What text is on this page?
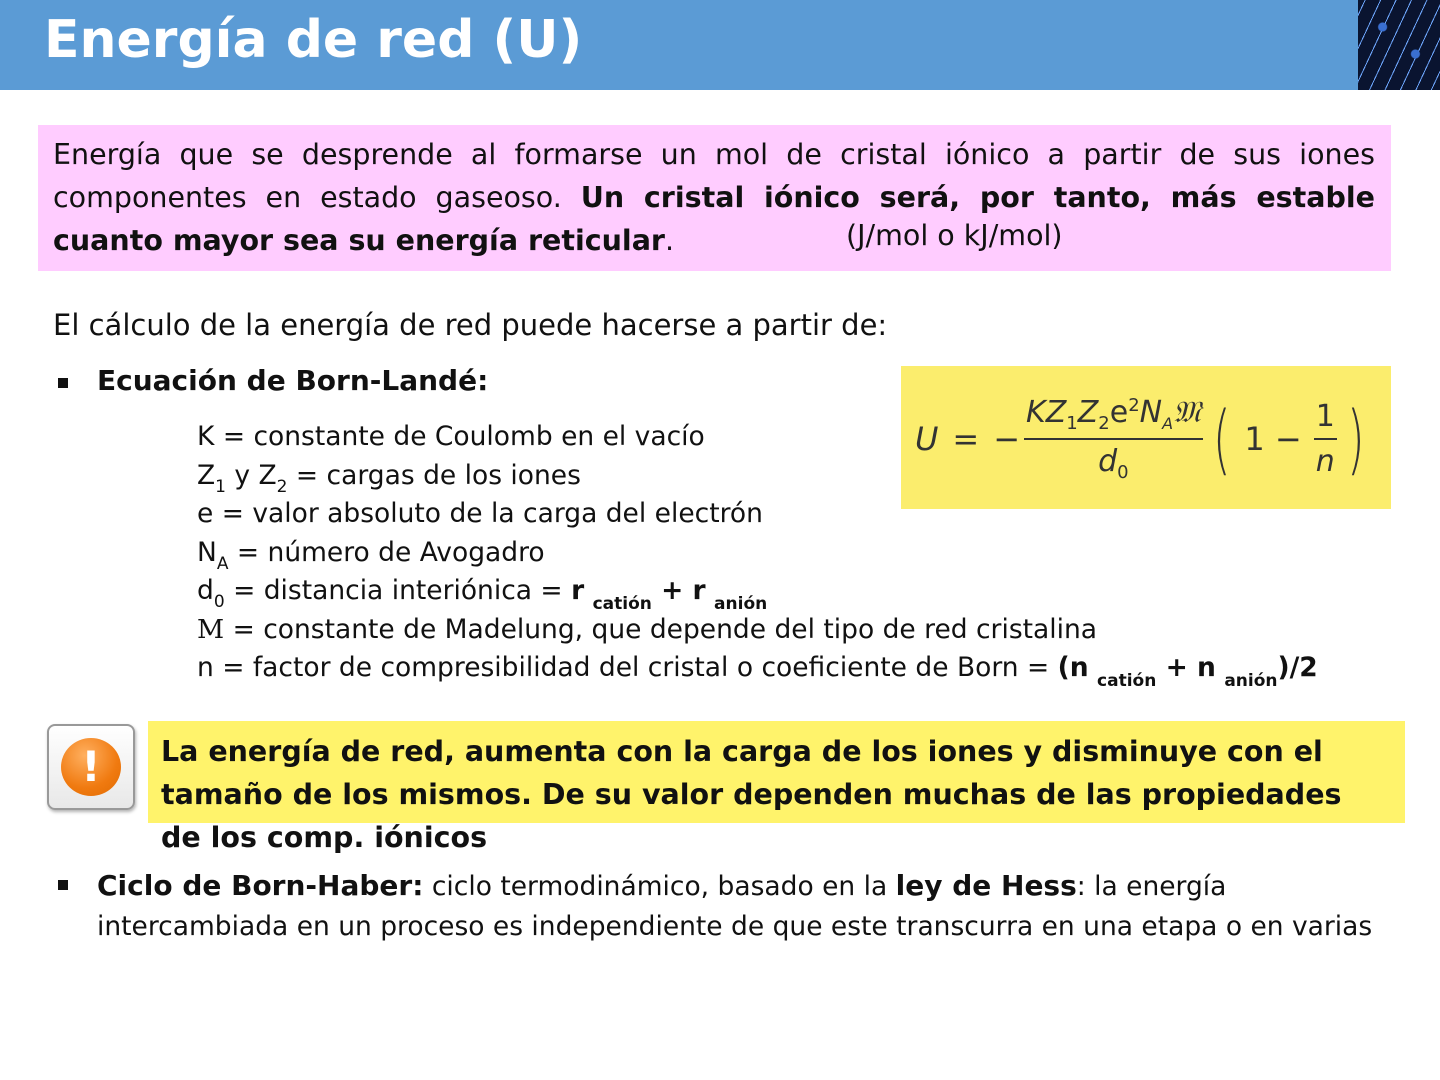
Energía de red (U)

Energía que se desprende al formarse un mol de cristal iónico a partir de sus iones componentes en estado gaseoso. Un cristal iónico será, por tanto, más estable cuanto mayor sea su energía reticular.	(J/mol o kJ/mol)
El cálculo de la energía de red puede hacerse a partir de:
Ecuación de Born-Landé:
U = − $\frac{KZ_1Z_2e^2N_A𝔐}{d_0}$ ( $1 - \frac{1}{n}$ )
K = constante de Coulomb en el vacío
$Z_1$ y $Z_2$ = cargas de los iones
e = valor absoluto de la carga del electrón
$N_A$ = número de Avogadro
$d_0$ = distancia interiónica = r $_{catión}$ + r $_{anión}$
M = constante de Madelung, que depende del tipo de red cristalina
n = factor de compresibilidad del cristal o coeficiente de Born = (n $_{catión}$ + n $_{anión}$)/2
!	La energía de red, aumenta con la carga de los iones y disminuye con el tamaño de los mismos. De su valor dependen muchas de las propiedades de los comp. iónicos
Ciclo de Born-Haber: ciclo termodinámico, basado en la ley de Hess: la energía intercambiada en un proceso es independiente de que este transcurra en una etapa o en varias
